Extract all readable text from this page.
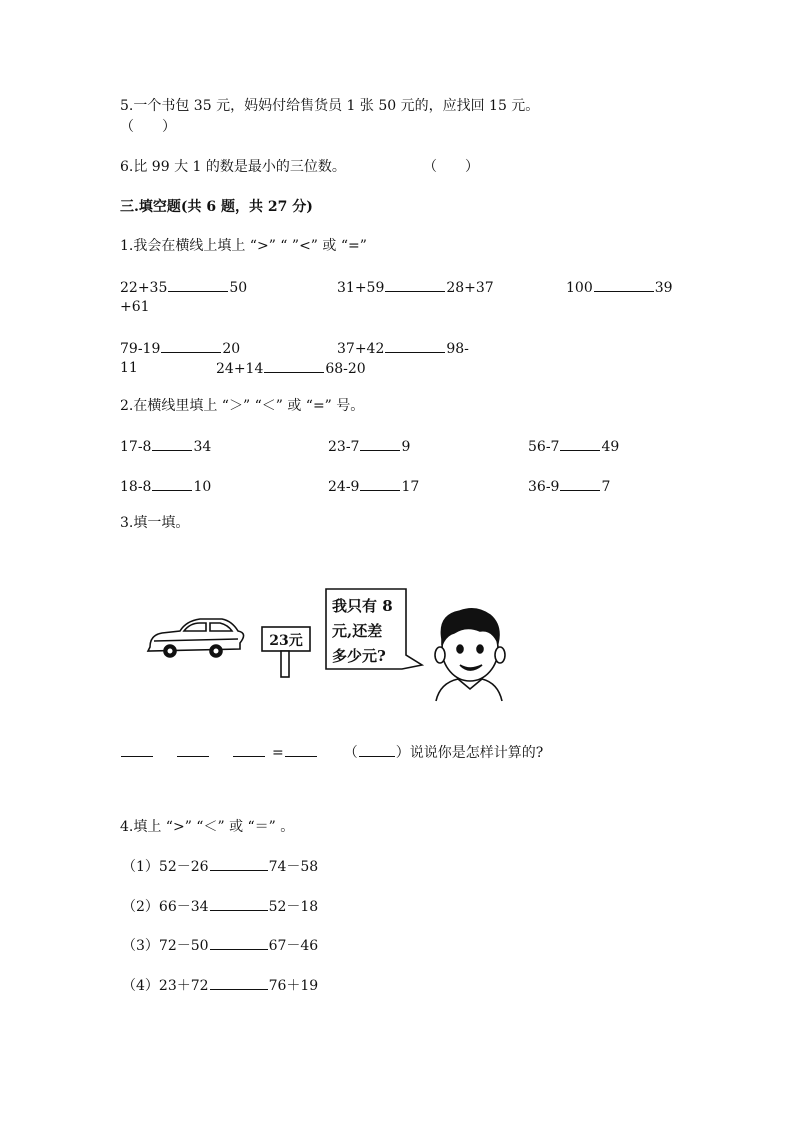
5.一个书包 35 元，妈妈付给售货员 1 张 50 元的，应找回 15 元。
（　　）
6.比 99 大 1 的数是最小的三位数。	（　　）
三.填空题(共 6 题，共 27 分)
1.我会在横线上填上 “>” “ ”<” 或 “=”
22+35	50	31+59	28+37	100	39
+61
79-19	20	37+42	98-
11	24+14	68-20
2.在横线里填上 “＞” “＜” 或 “=” 号。
17-8	34	23-7	9	56-7	49
18-8	10	24-9	17	36-9	7
3.填一填。
23元
我只有 8
元,还差
多少元?
=	（	）说说你是怎样计算的?
4.填上 “>” “＜” 或 “＝” 。
（1）52－26	74－58
（2）66－34	52－18
（3）72－50	67－46
（4）23＋72	76＋19
